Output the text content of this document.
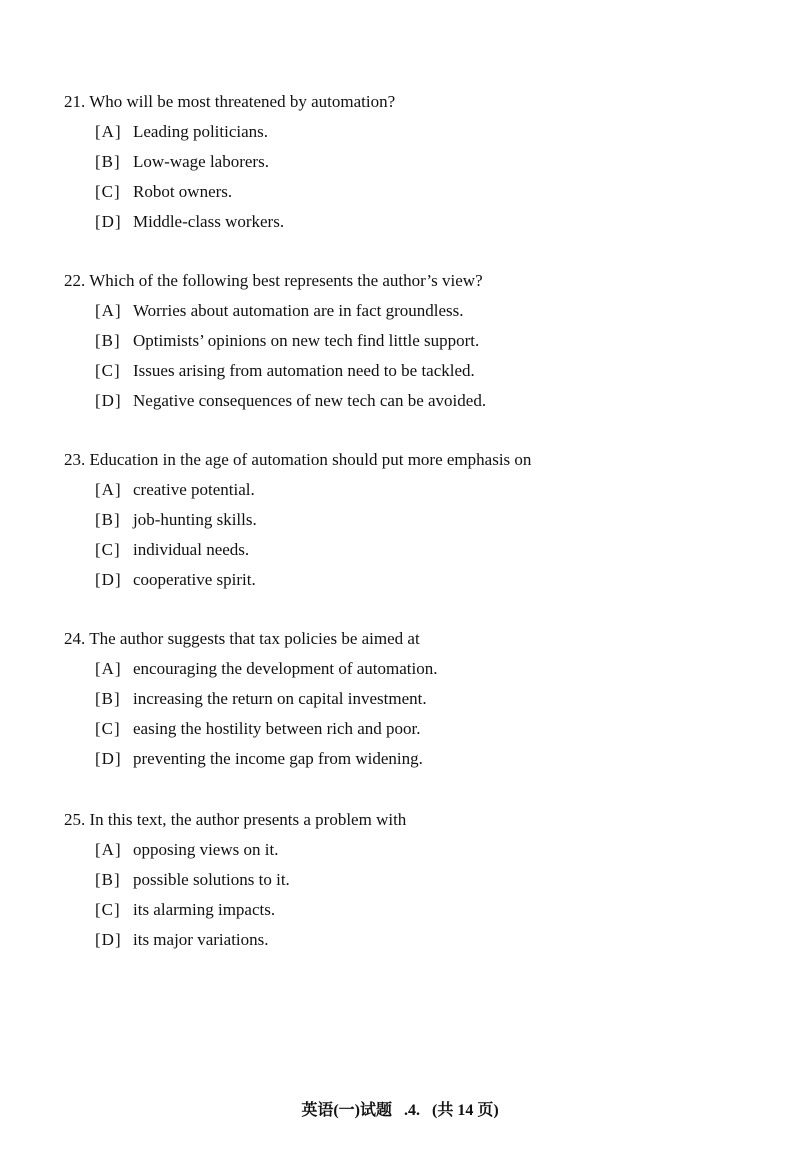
21. Who will be most threatened by automation?
[A] Leading politicians.
[B] Low-wage laborers.
[C] Robot owners.
[D] Middle-class workers.
22. Which of the following best represents the author’s view?
[A] Worries about automation are in fact groundless.
[B] Optimists’ opinions on new tech find little support.
[C] Issues arising from automation need to be tackled.
[D] Negative consequences of new tech can be avoided.
23. Education in the age of automation should put more emphasis on
[A] creative potential.
[B] job-hunting skills.
[C] individual needs.
[D] cooperative spirit.
24. The author suggests that tax policies be aimed at
[A] encouraging the development of automation.
[B] increasing the return on capital investment.
[C] easing the hostility between rich and poor.
[D] preventing the income gap from widening.
25. In this text, the author presents a problem with
[A] opposing views on it.
[B] possible solutions to it.
[C] its alarming impacts.
[D] its major variations.
英语(一)试题 .4. (共 14 页)
